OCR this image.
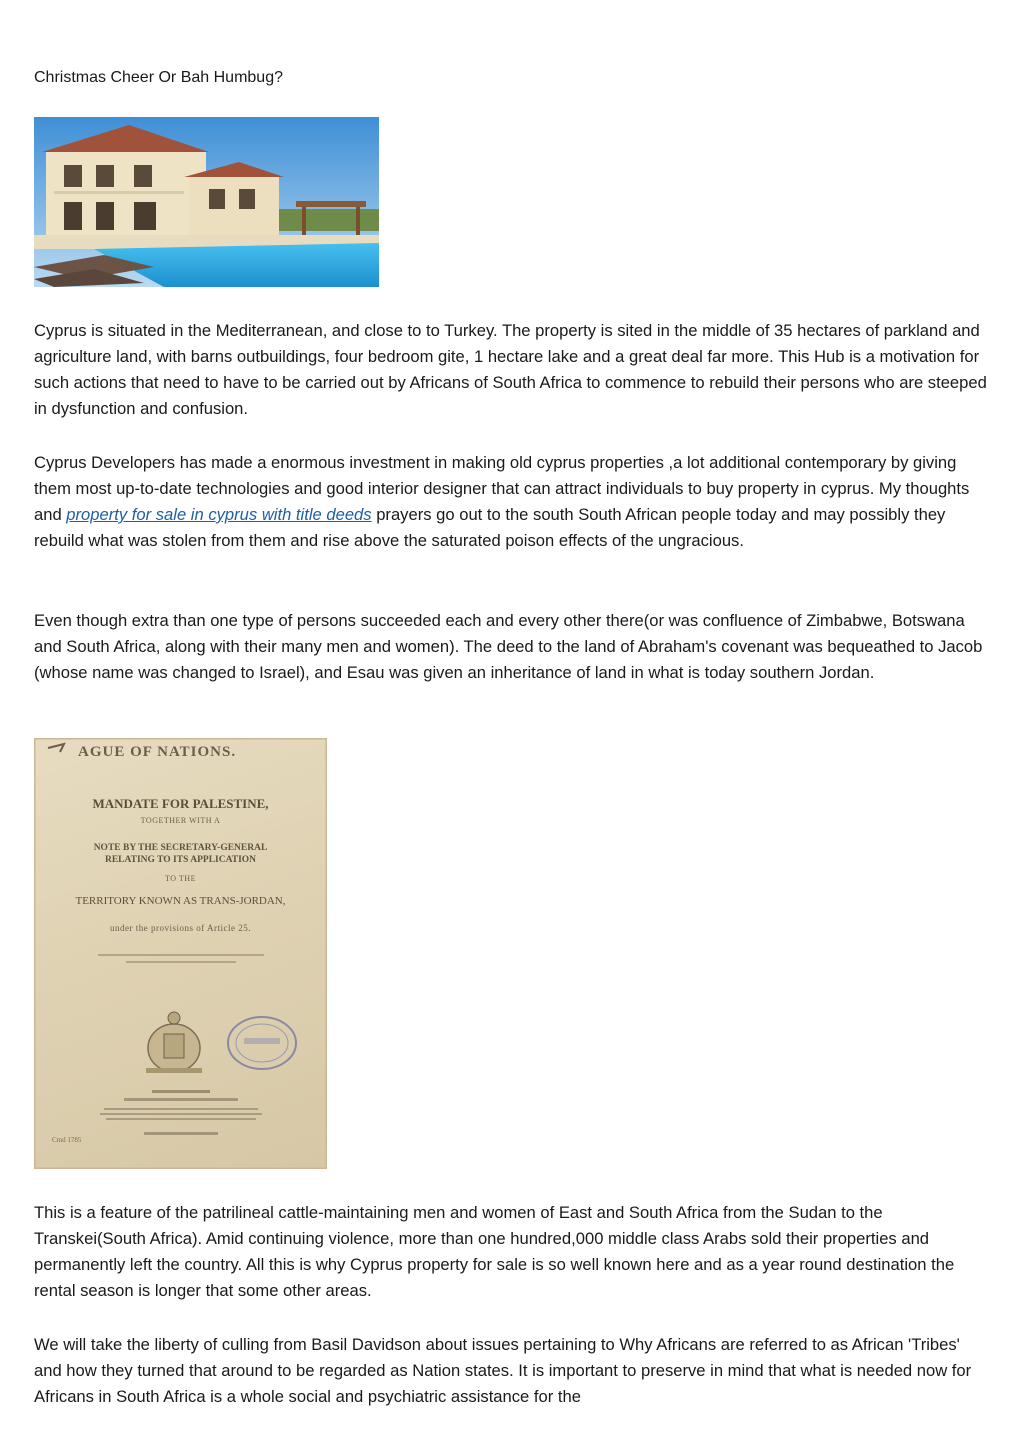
Christmas Cheer Or Bah Humbug?

Cyprus is situated in the Mediterranean, and close to to Turkey. The property is sited in the middle of 35 hectares of parkland and agriculture land, with barns outbuildings, four bedroom gite, 1 hectare lake and a great deal far more. This Hub is a motivation for such actions that need to have to be carried out by Africans of South Africa to commence to rebuild their persons who are steeped in dysfunction and confusion.

Cyprus Developers has made a enormous investment in making old cyprus properties ,a lot additional contemporary by giving them most up-to-date technologies and good interior designer that can attract individuals to buy property in cyprus. My thoughts and property for sale in cyprus with title deeds prayers go out to the south South African people today and may possibly they rebuild what was stolen from them and rise above the saturated poison effects of the ungracious.

Even though extra than one type of persons succeeded each and every other there(or was confluence of Zimbabwe, Botswana and South Africa, along with their many men and women). The deed to the land of Abraham's covenant was bequeathed to Jacob (whose name was changed to Israel), and Esau was given an inheritance of land in what is today southern Jordan.

AGUE OF NATIONS.
MANDATE FOR PALESTINE,
TOGETHER WITH A
NOTE BY THE SECRETARY-GENERAL
RELATING TO ITS APPLICATION
TO THE
TERRITORY KNOWN AS TRANS-JORDAN,
under the provisions of Article 25.
Cmd 1785

This is a feature of the patrilineal cattle-maintaining men and women of East and South Africa from the Sudan to the Transkei(South Africa). Amid continuing violence, more than one hundred,000 middle class Arabs sold their properties and permanently left the country. All this is why Cyprus property for sale is so well known here and as a year round destination the rental season is longer that some other areas.

We will take the liberty of culling from Basil Davidson about issues pertaining to Why Africans are referred to as African 'Tribes' and how they turned that around to be regarded as Nation states. It is important to preserve in mind that what is needed now for Africans in South Africa is a whole social and psychiatric assistance for the
